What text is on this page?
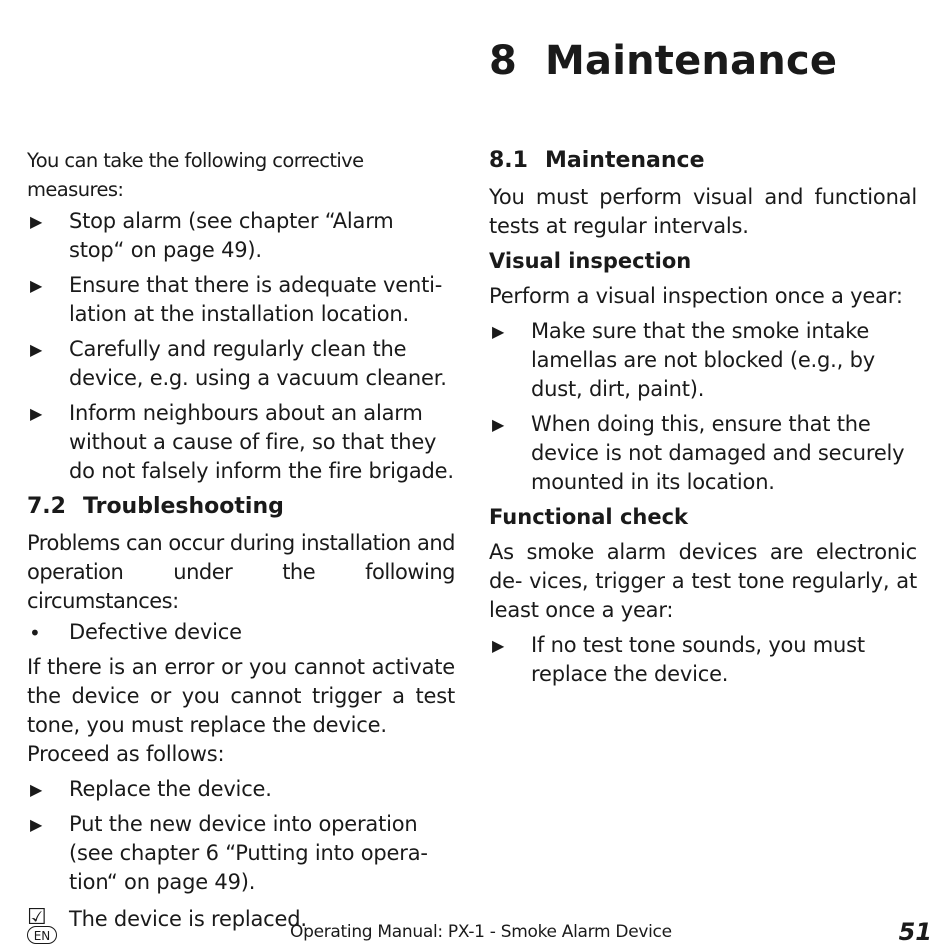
8 Maintenance

You can take the following corrective measures:

▶ Stop alarm (see chapter “Alarm stop“ on page 49).
▶ Ensure that there is adequate venti- lation at the installation location.
▶ Carefully and regularly clean the device, e.g. using a vacuum cleaner.
▶ Inform neighbours about an alarm without a cause of fire, so that they do not falsely inform the fire brigade.
7.2 Troubleshooting

Problems can occur during installation and operation under the following circumstances:

• Defective device

If there is an error or you cannot activate the device or you cannot trigger a test tone, you must replace the device.

Proceed as follows:

▶ Replace the device.
▶ Put the new device into operation (see chapter 6 “Putting into opera- tion“ on page 49).
☑ The device is replaced.
8.1 Maintenance

You must perform visual and functional tests at regular intervals.

Visual inspection

Perform a visual inspection once a year:

▶ Make sure that the smoke intake lamellas are not blocked (e.g., by dust, dirt, paint).
▶ When doing this, ensure that the device is not damaged and securely mounted in its location.
Functional check

As smoke alarm devices are electronic de- vices, trigger a test tone regularly, at least once a year:

▶ If no test tone sounds, you must replace the device.
EN	Operating Manual: PX-1 - Smoke Alarm Device	51
